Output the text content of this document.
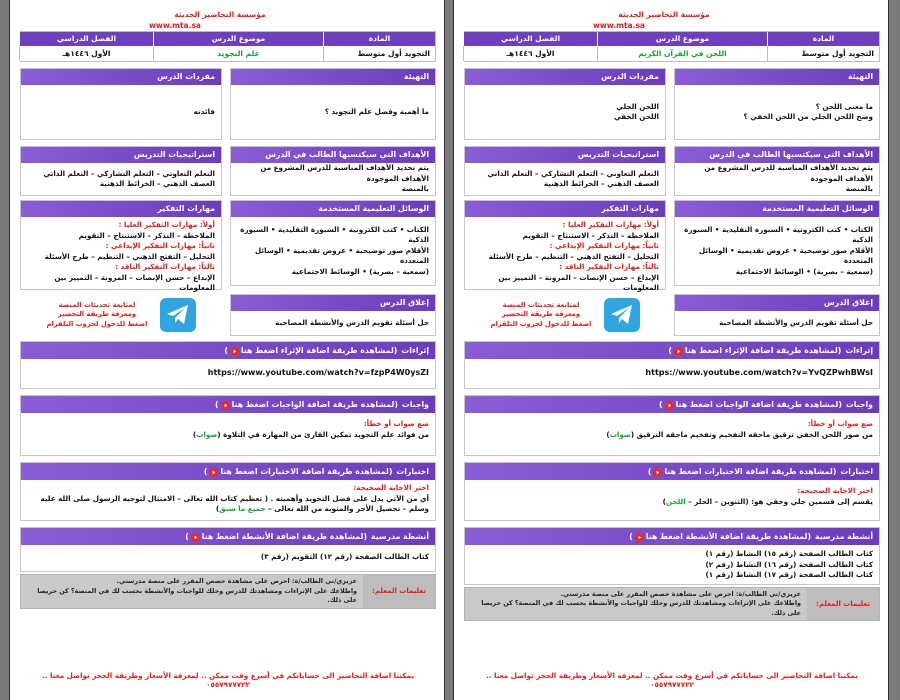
مؤسسة التحاضير الحديثة
www.mta.sa
المادة
موضوع الدرس
الفصل الدراسي
التجويد أول متوسط
علم التجويد
الأول ١٤٤٦هـ
التهيئة
ما أهمية وفضل علم التجويد ؟
مفردات الدرس
فائدته
الأهداف التي سيكتسبها الطالب في الدرس
يتم تحديد الأهداف المناسبة للدرس المشروع من الأهداف الموجودة
بالمنصة
استراتيجيات التدريس
التعلم التعاوني – التعلم التشاركي – التعلم الذاتي
العصف الذهني – الخرائط الذهنية
الوسائل التعليمية المستخدمة
الكتاب • كتب الكترونية • السبورة التقليدية • السبورة الذكية
الأقلام صور توضيحية • عروض تقديمية • الوسائل المتعددة
(سمعية – بصرية) • الوسائط الاجتماعية
مهارات التفكير
أولاً: مهارات التفكير العليا :
الملاحظة – التذكر – الاستنتاج – التقويم
ثانياً: مهارات التفكير الإبداعي :
التحليل – التفتح الذهني – التنظيم – طرح الأسئلة
ثالثاً: مهارات التفكير الناقد :
الإبداع – حسن الإنصات – المرونة – التمييز بين المعلومات
لمتابعة تحديثات المنصة
ومعرفة طريقة التحضير
اضغط للدخول لجروب التلقرام
إغلاق الدرس
حل أسئلة تقويم الدرس والأنشطة المصاحبة
إثراءات(لمشاهدة طريقة اضافة الإثراء اضغط هنا)
https://www.youtube.com/watch?v=fzpP4W0ysZI
واجبات(لمشاهدة طريقة اضافة الواجبات اضغط هنا)
ضع صواب أو خطأ:
من فوائد علم التجويد تمكين القارئ من المهارة في التلاوة (صواب)
اختبارات(لمشاهدة طريقة اضافة الاختبارات اضغط هنا)
اختر الاجابة الصحيحة:
أي من الآتي يدل على فضل التجويد وأهميته . ( تعظيم كتاب الله تعالى – الامتثال لتوجيه الرسول صلى الله عليه وسلم – تحصيل الأجر والمثوبة من الله تعالى – جميع ما سبق)
أنشطة مدرسية(لمشاهدة طريقة اضافة الأنشطة اضغط هنا)
كتاب الطالب الصفحة (رقم ١٢) التقويم (رقم ٣)
تعليمات المعلم:
عزيزي/تي الطالب/ة: احرص على مشاهدة حصص المقرر على منصة مدرستي.
واطلاعك على الإثراءات ومشاهدتك للدرس وحلك للواجبات والأنشطة بحسب لك في المنصة؟ كن حريصا على ذلك.
يمكننا اضافة التحاضير الى حساباتكم في أسرع وقت ممكن .. لمعرفة الأسعار وطريقة الحجز تواصل معنا .. ٠٥٥٧٩٧٧٧٢٢
مؤسسة التحاضير الحديثة
www.mta.sa
المادة
موضوع الدرس
الفصل الدراسي
التجويد أول متوسط
اللحن في القرآن الكريم
الأول ١٤٤٦هـ
التهيئة
ما معنى اللحن ؟
وضح اللحن الجلي من اللحن الخفي ؟
مفردات الدرس
اللحن الجلي
اللحن الخفي
الأهداف التي سيكتسبها الطالب في الدرس
يتم تحديد الأهداف المناسبة للدرس المشروع من الأهداف الموجودة
بالمنصة
استراتيجيات التدريس
التعلم التعاوني – التعلم التشاركي – التعلم الذاتي
العصف الذهني – الخرائط الذهنية
الوسائل التعليمية المستخدمة
الكتاب • كتب الكترونية • السبورة التقليدية • السبورة الذكية
الأقلام صور توضيحية • عروض تقديمية • الوسائل المتعددة
(سمعية – بصرية) • الوسائط الاجتماعية
مهارات التفكير
أولاً: مهارات التفكير العليا :
الملاحظة – التذكر – الاستنتاج – التقويم
ثانياً: مهارات التفكير الإبداعي :
التحليل – التفتح الذهني – التنظيم – طرح الأسئلة
ثالثاً: مهارات التفكير الناقد :
الإبداع – حسن الإنصات – المرونة – التمييز بين المعلومات
لمتابعة تحديثات المنصة
ومعرفة طريقة التحضير
اضغط للدخول لجروب التلقرام
إغلاق الدرس
حل أسئلة تقويم الدرس والأنشطة المصاحبة
إثراءات(لمشاهدة طريقة اضافة الإثراء اضغط هنا)
https://www.youtube.com/watch?v=YvQZPwhBWsI
واجبات(لمشاهدة طريقة اضافة الواجبات اضغط هنا)
ضع صواب أو خطأ:
من صور اللحن الخفي ترقيق ماحقه التفخيم وتفخيم ماحقه الترقيق (صواب)
اختبارات(لمشاهدة طريقة اضافة الاختبارات اضغط هنا)
اختر الاجابة الصحيحة:
يقسم إلى قسمين جلي وخفي هو: (التنوين – الحلر – اللحن)
أنشطة مدرسية(لمشاهدة طريقة اضافة الأنشطة اضغط هنا)
كتاب الطالب الصفحة (رقم ١٥) النشاط (رقم ١)
كتاب الطالب الصفحة (رقم ١٦) النشاط (رقم ٢)
كتاب الطالب الصفحة (رقم ١٧) النشاط (رقم ١)
تعليمات المعلم:
عزيزي/تي الطالب/ة: احرص على مشاهدة حصص المقرر على منصة مدرستي.
واطلاعك على الإثراءات ومشاهدتك للدرس وحلك للواجبات والأنشطة بحسب لك في المنصة؟ كن حريصا على ذلك.
يمكننا اضافة التحاضير الى حساباتكم في أسرع وقت ممكن .. لمعرفة الأسعار وطريقة الحجز تواصل معنا .. ٠٥٥٧٩٧٧٧٢٢
